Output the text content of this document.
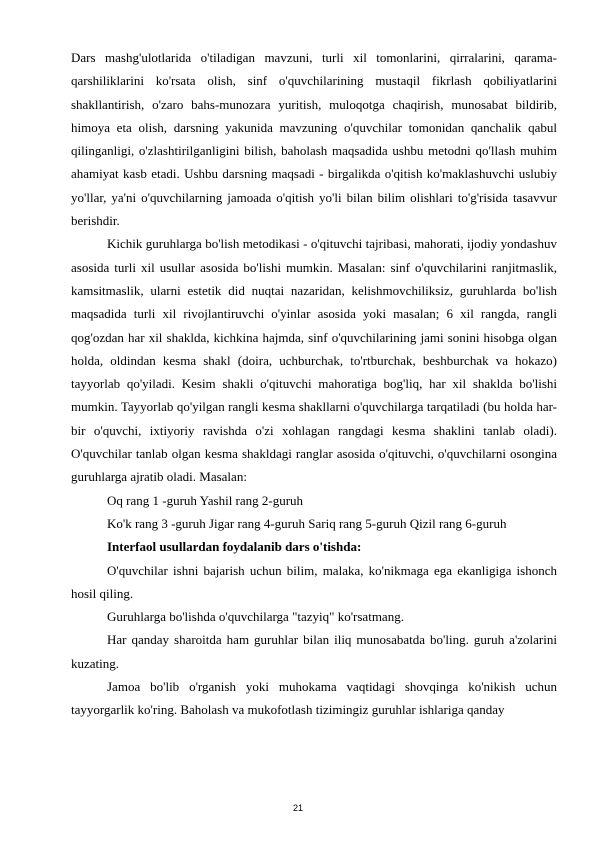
Dars mashg'ulotlarida o'tiladigan mavzuni, turli xil tomonlarini, qirralarini, qarama-qarshiliklarini ko'rsata olish, sinf o'quvchilarining mustaqil fikrlash qobiliyatlarini shakllantirish, o'zaro bahs-munozara yuritish, muloqotga chaqirish, munosabat bildirib, himoya eta olish, darsning yakunida mavzuning o'quvchilar tomonidan qanchalik qabul qilinganligi, o'zlashtirilganligini bilish, baholash maqsadida ushbu metodni qo'llash muhim ahamiyat kasb etadi. Ushbu darsning maqsadi - birgalikda o'qitish ko'maklashuvchi uslubiy yo'llar, ya'ni o'quvchilarning jamoada o'qitish yo'li bilan bilim olishlari to'g'risida tasavvur berishdir.

Kichik guruhlarga bo'lish metodikasi - o'qituvchi tajribasi, mahorati, ijodiy yondashuv asosida turli xil usullar asosida bo'lishi mumkin. Masalan: sinf o'quvchilarini ranjitmaslik, kamsitmaslik, ularni estetik did nuqtai nazaridan, kelishmovchiliksiz, guruhlarda bo'lish maqsadida turli xil rivojlantiruvchi o'yinlar asosida yoki masalan; 6 xil rangda, rangli qog'ozdan har xil shaklda, kichkina hajmda, sinf o'quvchilarining jami sonini hisobga olgan holda, oldindan kesma shakl (doira, uchburchak, to'rtburchak, beshburchak va hokazo) tayyorlab qo'yiladi. Kesim shakli o'qituvchi mahoratiga bog'liq, har xil shaklda bo'lishi mumkin. Tayyorlab qo'yilgan rangli kesma shakllarni o'quvchilarga tarqatiladi (bu holda har-bir o'quvchi, ixtiyoriy ravishda o'zi xohlagan rangdagi kesma shaklini tanlab oladi). O'quvchilar tanlab olgan kesma shakldagi ranglar asosida o'qituvchi, o'quvchilarni osongina guruhlarga ajratib oladi. Masalan:

Oq rang 1 -guruh Yashil rang 2-guruh

Ko'k rang 3 -guruh Jigar rang 4-guruh Sariq rang 5-guruh Qizil rang 6-guruh

Interfaol usullardan foydalanib dars o'tishda:

O'quvchilar ishni bajarish uchun bilim, malaka, ko'nikmaga ega ekanligiga ishonch hosil qiling.

Guruhlarga bo'lishda o'quvchilarga "tazyiq" ko'rsatmang.

Har qanday sharoitda ham guruhlar bilan iliq munosabatda bo'ling. guruh a'zolarini kuzating.

Jamoa bo'lib o'rganish yoki muhokama vaqtidagi shovqinga ko'nikish uchun tayyorgarlik ko'ring. Baholash va mukofotlash tizimingiz guruhlar ishlariga qanday

21
